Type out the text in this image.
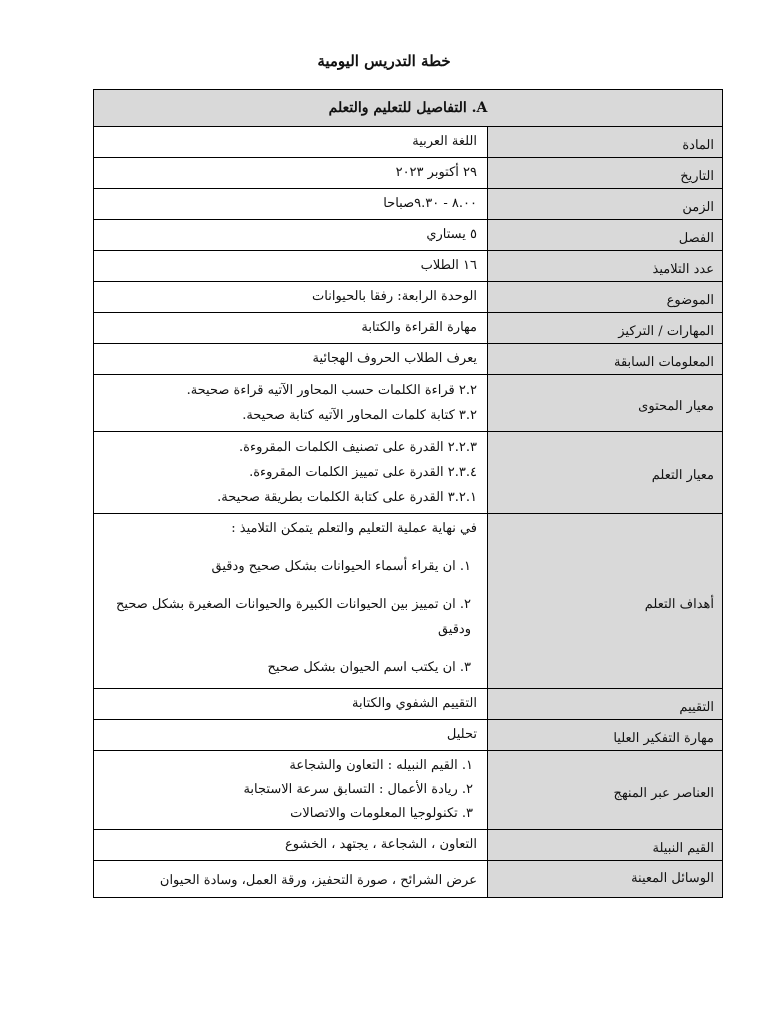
خطة التدريس اليومية
A. التفاصيل للتعليم والتعلم	
المادة	اللغة العربية
التاريخ	٢٩ أكتوبر ٢٠٢٣
الزمن	٨.٠٠ - ٩.٣٠صباحا
الفصل	٥ يستاري
عدد التلاميذ	١٦ الطلاب
الموضوع	الوحدة الرابعة: رفقا بالحيوانات
المهارات / التركيز	مهارة القراءة والكتابة
المعلومات السابقة	يعرف الطلاب الحروف الهجائية
معيار المحتوى	٢.٢ قراءة الكلمات حسب المحاور الآتيه قراءة صحيحة.
٣.٢ كتابة كلمات المحاور الآتيه كتابة صحيحة.

معيار التعلم	٢.٢.٣ القدرة على تصنيف الكلمات المقروءة.
٢.٣.٤ القدرة على تمييز الكلمات المقروءة.
٣.٢.١ القدرة على كتابة الكلمات بطريقة صحيحة.

أهداف التعلم	في نهاية عملية التعليم والتعلم يتمكن التلاميذ :
١. ان يقراء أسماء الحيوانات بشكل صحيح ودقيق
٢. ان تمييز بين الحيوانات الكبيرة والحيوانات الصغيرة بشكل صحيح ودقيق
٣. ان يكتب اسم الحيوان بشكل صحيح

التقييم	التقييم الشفوي والكتابة
مهارة التفكير العليا	تحليل
العناصر عبر المنهج	١. القيم النبيله : التعاون والشجاعة
٢. ريادة الأعمال : التسابق سرعة الاستجابة
٣. تكنولوجيا المعلومات والاتصالات

القيم النبيلة	التعاون ، الشجاعة ، يجتهد ، الخشوع
الوسائل المعينة	عرض الشرائح ، صورة التحفيز، ورقة العمل، وسادة الحيوان
